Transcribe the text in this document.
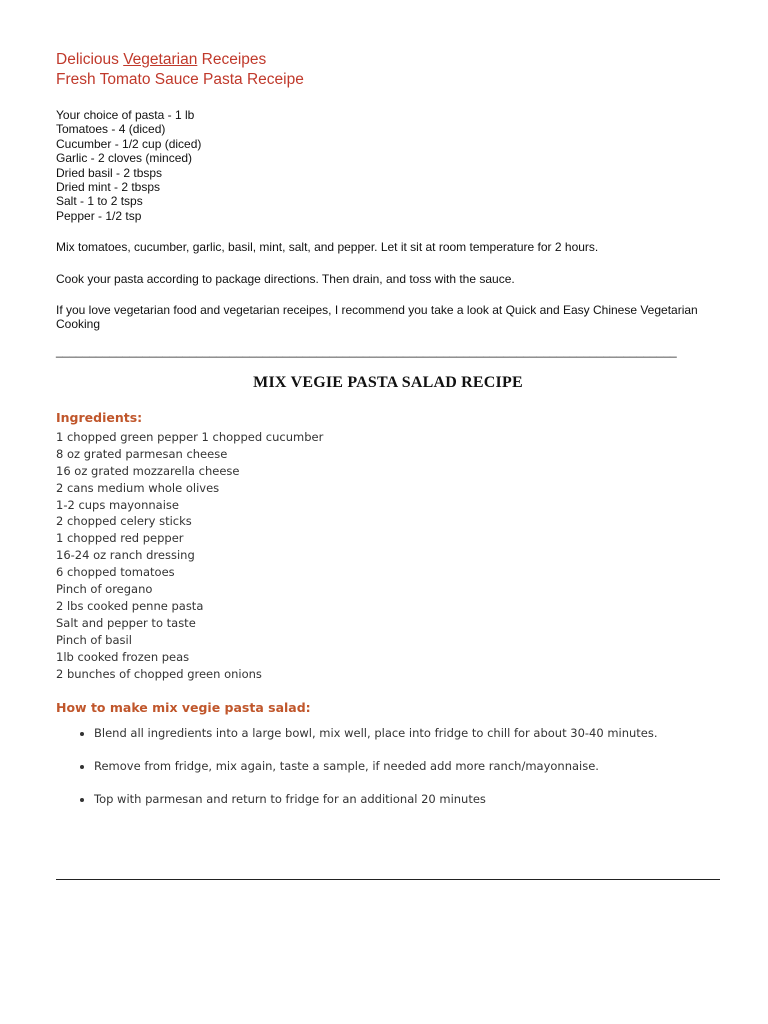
Delicious Vegetarian Receipes
Fresh Tomato Sauce Pasta Receipe
Your choice of pasta - 1 lb
Tomatoes - 4 (diced)
Cucumber - 1/2 cup (diced)
Garlic - 2 cloves (minced)
Dried basil - 2 tbsps
Dried mint - 2 tbsps
Salt - 1 to 2 tsps
Pepper - 1/2 tsp

Mix tomatoes, cucumber, garlic, basil, mint, salt, and pepper. Let it sit at room temperature for 2 hours.

Cook your pasta according to package directions. Then drain, and toss with the sauce.

If you love vegetarian food and vegetarian receipes, I recommend you take a look at Quick and Easy Chinese Vegetarian Cooking

_____________________________________________________________________________________________
MIX VEGIE PASTA SALAD RECIPE
Ingredients:
1 chopped green pepper 1 chopped cucumber
8 oz grated parmesan cheese
16 oz grated mozzarella cheese
2 cans medium whole olives
1-2 cups mayonnaise
2 chopped celery sticks
1 chopped red pepper
16-24 oz ranch dressing
6 chopped tomatoes
Pinch of oregano
2 lbs cooked penne pasta
Salt and pepper to taste
Pinch of basil
1lb cooked frozen peas
2 bunches of chopped green onions
How to make mix vegie pasta salad:
• Blend all ingredients into a large bowl, mix well, place into fridge to chill for about 30-40 minutes.
• Remove from fridge, mix again, taste a sample, if needed add more ranch/mayonnaise.
• Top with parmesan and return to fridge for an additional 20 minutes
